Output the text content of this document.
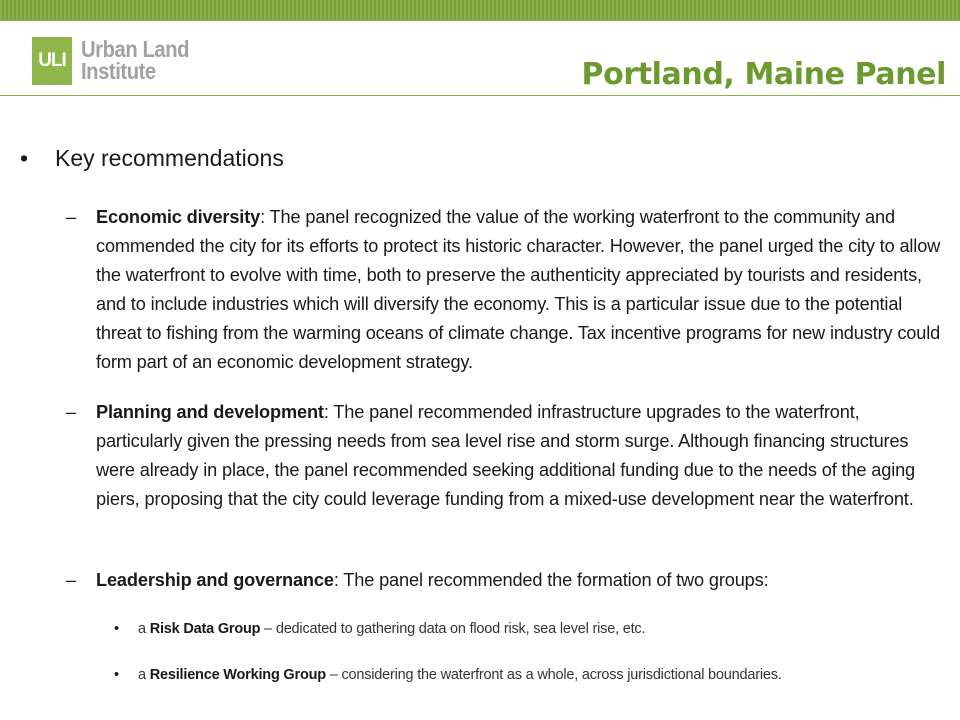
ULI Urban Land
Institute	Portland, Maine Panel
• Key recommendations
– Economic diversity: The panel recognized the value of the working waterfront to the community and commended the city for its efforts to protect its historic character. However, the panel urged the city to allow the waterfront to evolve with time, both to preserve the authenticity appreciated by tourists and residents, and to include industries which will diversify the economy. This is a particular issue due to the potential threat to fishing from the warming oceans of climate change. Tax incentive programs for new industry could form part of an economic development strategy.
– Planning and development: The panel recommended infrastructure upgrades to the waterfront, particularly given the pressing needs from sea level rise and storm surge. Although financing structures were already in place, the panel recommended seeking additional funding due to the needs of the aging piers, proposing that the city could leverage funding from a mixed-use development near the waterfront.
– Leadership and governance: The panel recommended the formation of two groups:
• a Risk Data Group – dedicated to gathering data on flood risk, sea level rise, etc.
• a Resilience Working Group – considering the waterfront as a whole, across jurisdictional boundaries.
